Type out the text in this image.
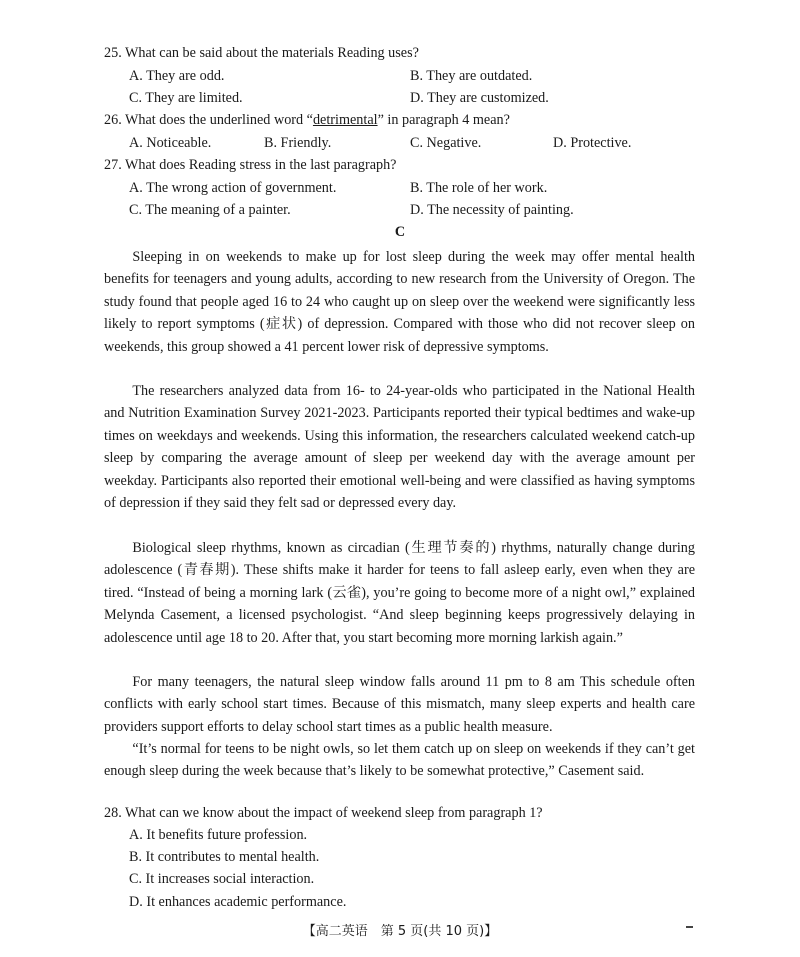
25. What can be said about the materials Reading uses?
A. They are odd.	B. They are outdated.
C. They are limited.	D. They are customized.
26. What does the underlined word “detrimental” in paragraph 4 mean?
A. Noticeable.	B. Friendly.	C. Negative.	D. Protective.
27. What does Reading stress in the last paragraph?
A. The wrong action of government.	B. The role of her work.
C. The meaning of a painter.	D. The necessity of painting.
C

Sleeping in on weekends to make up for lost sleep during the week may offer mental health benefits for teenagers and young adults, according to new research from the University of Oregon. The study found that people aged 16 to 24 who caught up on sleep over the weekend were significantly less likely to report symptoms (症状) of depression. Compared with those who did not recover sleep on weekends, this group showed a 41 percent lower risk of depressive symptoms.

The researchers analyzed data from 16- to 24-year-olds who participated in the National Health and Nutrition Examination Survey 2021-2023. Participants reported their typical bedtimes and wake-up times on weekdays and weekends. Using this information, the researchers calculated weekend catch-up sleep by comparing the average amount of sleep per weekend day with the average amount per weekday. Participants also reported their emotional well-being and were classified as having symptoms of depression if they said they felt sad or depressed every day.

Biological sleep rhythms, known as circadian (生理节奏的) rhythms, naturally change during adolescence (青春期). These shifts make it harder for teens to fall asleep early, even when they are tired. “Instead of being a morning lark (云雀), you’re going to become more of a night owl,” explained Melynda Casement, a licensed psychologist. “And sleep beginning keeps progressively delaying in adolescence until age 18 to 20. After that, you start becoming more morning larkish again.”

For many teenagers, the natural sleep window falls around 11 pm to 8 am This schedule often conflicts with early school start times. Because of this mismatch, many sleep experts and health care providers support efforts to delay school start times as a public health measure.

“It’s normal for teens to be night owls, so let them catch up on sleep on weekends if they can’t get enough sleep during the week because that’s likely to be somewhat protective,” Casement said.

28. What can we know about the impact of weekend sleep from paragraph 1?
A. It benefits future profession.
B. It contributes to mental health.
C. It increases social interaction.
D. It enhances academic performance.
【高二英语　第 5 页(共 10 页)】
